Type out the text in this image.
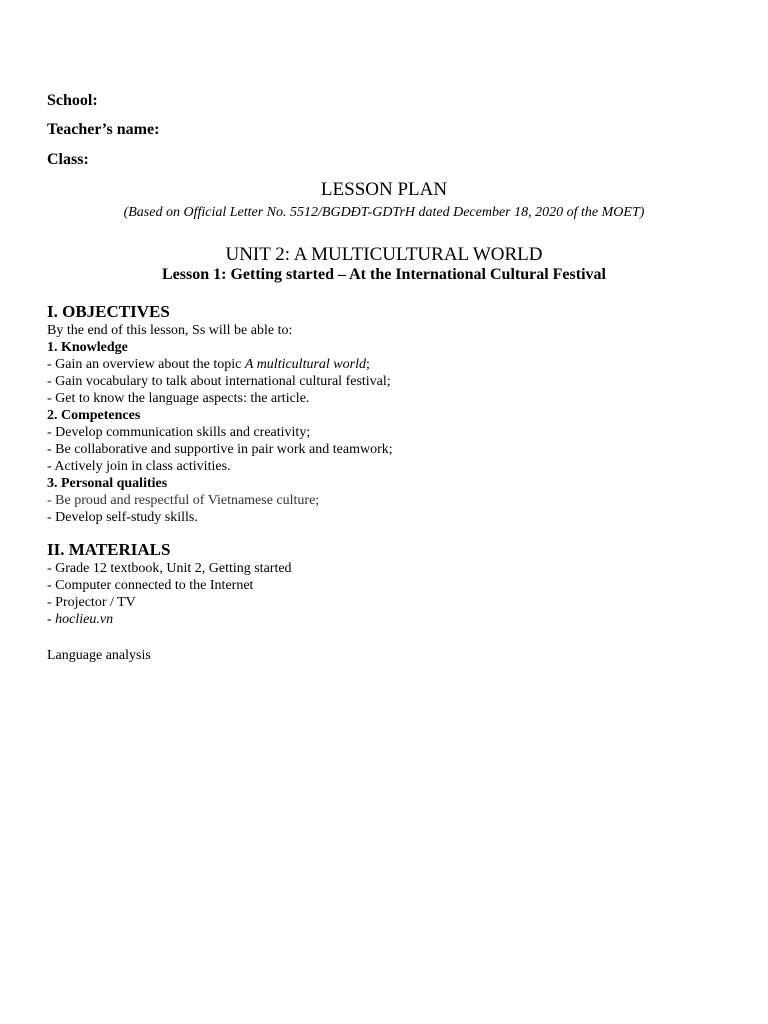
School:
Teacher’s name:
Class:
LESSON PLAN
(Based on Official Letter No. 5512/BGDĐT-GDTrH dated December 18, 2020 of the MOET)
UNIT 2: A MULTICULTURAL WORLD
Lesson 1: Getting started – At the International Cultural Festival
I. OBJECTIVES
By the end of this lesson, Ss will be able to:
1. Knowledge
- Gain an overview about the topic A multicultural world;
- Gain vocabulary to talk about international cultural festival;
- Get to know the language aspects: the article.
2. Competences
- Develop communication skills and creativity;
- Be collaborative and supportive in pair work and teamwork;
- Actively join in class activities.
3. Personal qualities
- Be proud and respectful of Vietnamese culture;
- Develop self-study skills.
II. MATERIALS
- Grade 12 textbook, Unit 2, Getting started
- Computer connected to the Internet
- Projector / TV
- hoclieu.vn
Language analysis
